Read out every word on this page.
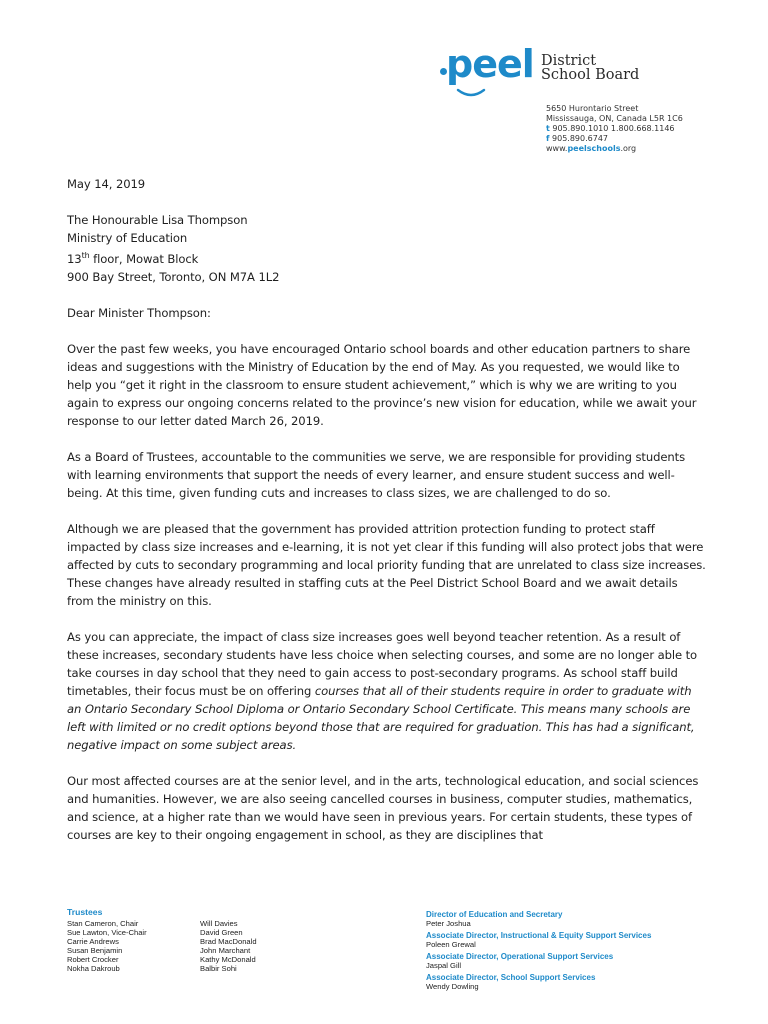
peel District
School Board
5650 Hurontario Street
Mississauga, ON, Canada L5R 1C6
t 905.890.1010 1.800.668.1146
f 905.890.6747
www.peelschools.org

May 14, 2019

The Honourable Lisa Thompson
Ministry of Education
13th floor, Mowat Block
900 Bay Street, Toronto, ON M7A 1L2

Dear Minister Thompson:

Over the past few weeks, you have encouraged Ontario school boards and other education partners to share ideas and suggestions with the Ministry of Education by the end of May. As you requested, we would like to help you “get it right in the classroom to ensure student achievement,” which is why we are writing to you again to express our ongoing concerns related to the province’s new vision for education, while we await your response to our letter dated March 26, 2019.

As a Board of Trustees, accountable to the communities we serve, we are responsible for providing students with learning environments that support the needs of every learner, and ensure student success and well-being. At this time, given funding cuts and increases to class sizes, we are challenged to do so.

Although we are pleased that the government has provided attrition protection funding to protect staff impacted by class size increases and e-learning, it is not yet clear if this funding will also protect jobs that were affected by cuts to secondary programming and local priority funding that are unrelated to class size increases. These changes have already resulted in staffing cuts at the Peel District School Board and we await details from the ministry on this.

As you can appreciate, the impact of class size increases goes well beyond teacher retention. As a result of these increases, secondary students have less choice when selecting courses, and some are no longer able to take courses in day school that they need to gain access to post-secondary programs. As school staff build timetables, their focus must be on offering courses that all of their students require in order to graduate with an Ontario Secondary School Diploma or Ontario Secondary School Certificate. This means many schools are left with limited or no credit options beyond those that are required for graduation. This has had a significant, negative impact on some subject areas.

Our most affected courses are at the senior level, and in the arts, technological education, and social sciences and humanities. However, we are also seeing cancelled courses in business, computer studies, mathematics, and science, at a higher rate than we would have seen in previous years. For certain students, these types of courses are key to their ongoing engagement in school, as they are disciplines that

Trustees
Stan Cameron, Chair
Sue Lawton, Vice-Chair
Carrie Andrews
Susan Benjamin
Robert Crocker
Nokha Dakroub
Will Davies
David Green
Brad MacDonald
John Marchant
Kathy McDonald
Balbir Sohi
Director of Education and Secretary
Peter Joshua
Associate Director, Instructional & Equity Support Services
Poleen Grewal
Associate Director, Operational Support Services
Jaspal Gill
Associate Director, School Support Services
Wendy Dowling
